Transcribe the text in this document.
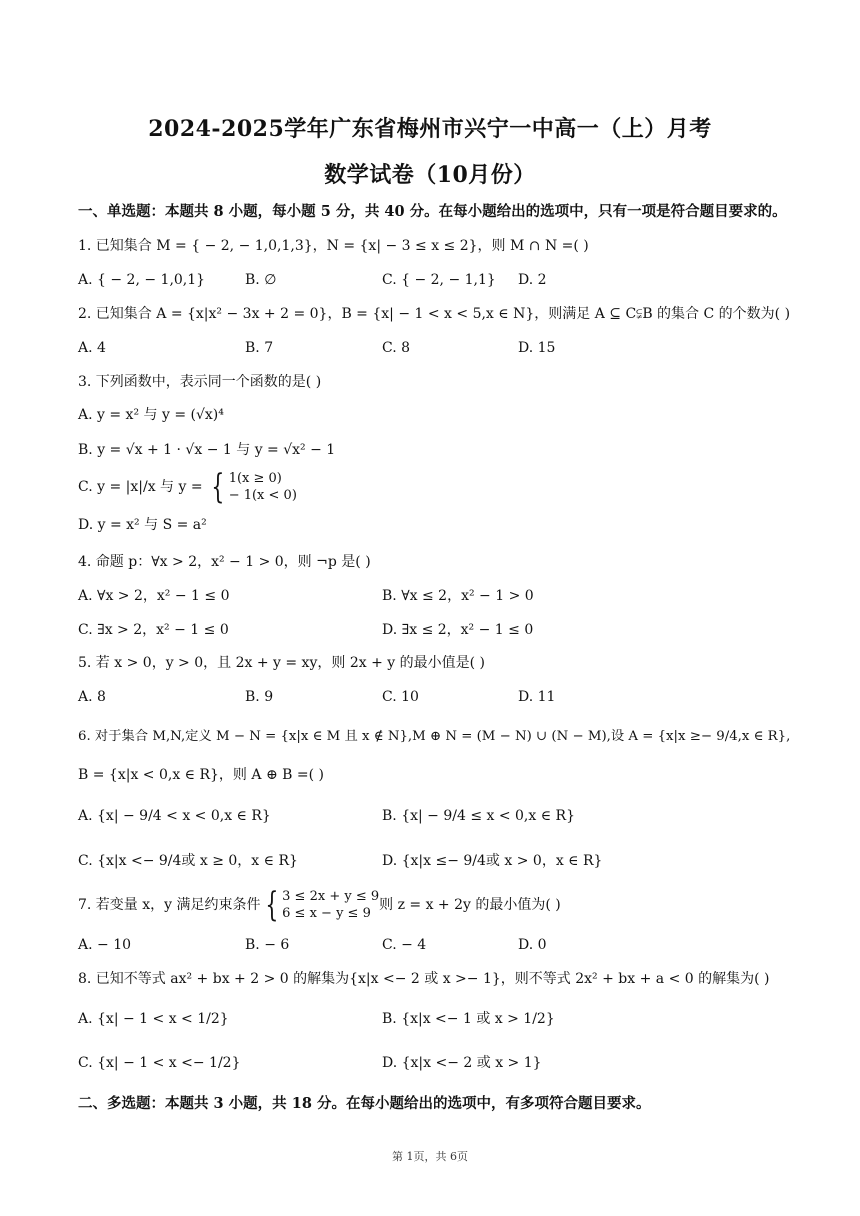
2024-2025学年广东省梅州市兴宁一中高一（上）月考
数学试卷（10月份）
一、单选题：本题共 8 小题，每小题 5 分，共 40 分。在每小题给出的选项中，只有一项是符合题目要求的。
1. 已知集合 M = { − 2, − 1,0,1,3}，N = {x| − 3 ≤ x ≤ 2}，则 M ∩ N =( )
A. { − 2, − 1,0,1}	B. ∅	C. { − 2, − 1,1} D. 2
2. 已知集合 A = {x|x² − 3x + 2 = 0}，B = {x| − 1 < x < 5,x ∈ N}，则满足 A ⊆ C⫋B 的集合 C 的个数为( )
A. 4	B. 7	C. 8	D. 15
3. 下列函数中，表示同一个函数的是( )
A. y = x² 与 y = (√x)⁴
B. y = √x + 1 · √x − 1 与 y = √x² − 1
C. y = |x|/x 与 y = { 1(x ≥ 0)
− 1(x < 0)
D. y = x² 与 S = a²
4. 命题 p：∀x > 2，x² − 1 > 0，则 ¬p 是( )
A. ∀x > 2，x² − 1 ≤ 0	B. ∀x ≤ 2，x² − 1 > 0
C. ∃x > 2，x² − 1 ≤ 0	D. ∃x ≤ 2，x² − 1 ≤ 0
5. 若 x > 0，y > 0，且 2x + y = xy，则 2x + y 的最小值是( )
A. 8	B. 9	C. 10	D. 11
6. 对于集合 M,N,定义 M − N = {x|x ∈ M 且 x ∉ N},M ⊕ N = (M − N) ∪ (N − M),设 A = {x|x ≥− 9/4,x ∈ R},
B = {x|x < 0,x ∈ R}，则 A ⊕ B =( )
A. {x| − 9/4 < x < 0,x ∈ R}	B. {x| − 9/4 ≤ x < 0,x ∈ R}
C. {x|x <− 9/4或 x ≥ 0，x ∈ R}	D. {x|x ≤− 9/4或 x > 0，x ∈ R}
7. 若变量 x，y 满足约束条件 { 3 ≤ 2x + y ≤ 9
6 ≤ x − y ≤ 9
则 z = x + 2y 的最小值为( )
A. − 10	B. − 6	C. − 4	D. 0
8. 已知不等式 ax² + bx + 2 > 0 的解集为{x|x <− 2 或 x >− 1}，则不等式 2x² + bx + a < 0 的解集为( )
A. {x| − 1 < x < 1/2}	B. {x|x <− 1 或 x > 1/2}
C. {x| − 1 < x <− 1/2}	D. {x|x <− 2 或 x > 1}
二、多选题：本题共 3 小题，共 18 分。在每小题给出的选项中，有多项符合题目要求。
第 1页，共 6页
